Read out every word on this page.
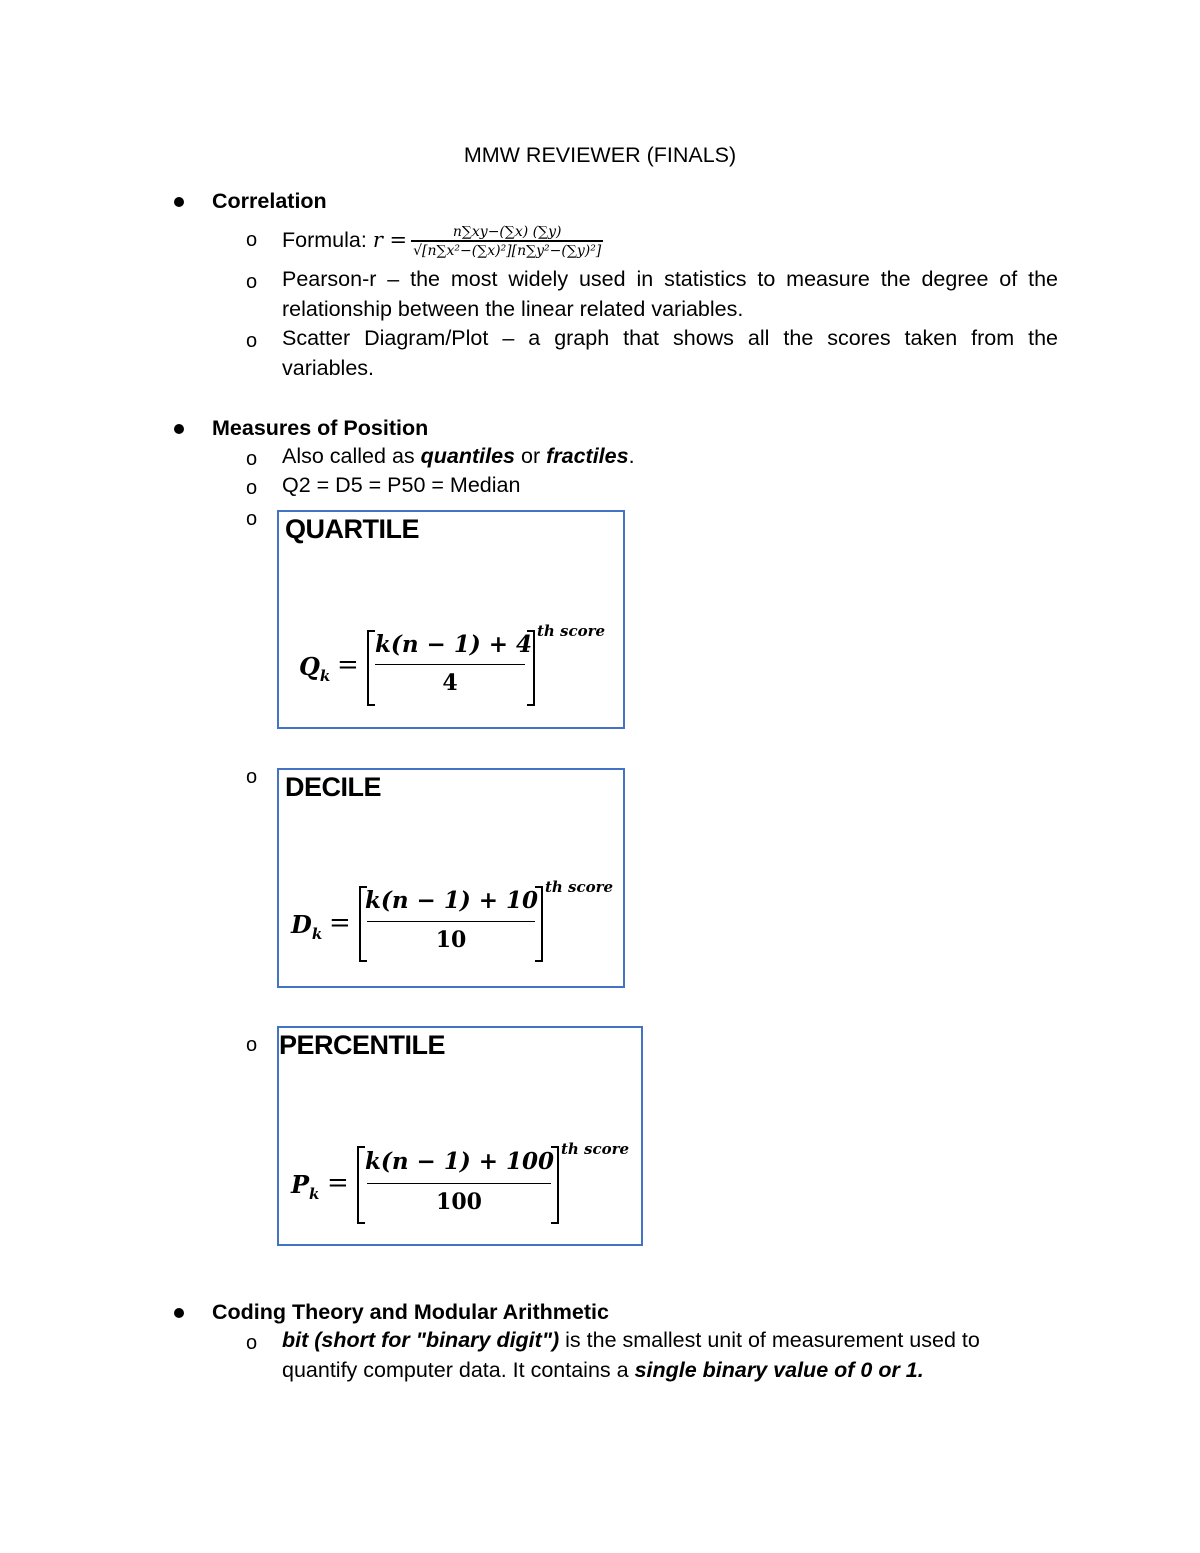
MMW REVIEWER (FINALS)
Correlation
o Formula: $r = \frac{n\sum xy-(\sum x) (\sum y)}{\text{√[n∑x²−(∑x)²][n∑y²−(∑y)²]}}$
o Pearson-r – the most widely used in statistics to measure the degree of the relationship between the linear related variables.
o Scatter Diagram/Plot – a graph that shows all the scores taken from the variables.
Measures of Position
o Also called as quantiles or fractiles.
o Q2 = D5 = P50 = Median
o QUARTILE
$Q_k$ =
k(n − 1) + 4
4
th score
o DECILE
$D_k$ =
k(n − 1) + 10
10
th score
o PERCENTILE
$P_k$ =
k(n − 1) + 100
100
th score
Coding Theory and Modular Arithmetic
o bit (short for "binary digit") is the smallest unit of measurement used to quantify computer data. It contains a single binary value of 0 or 1.
